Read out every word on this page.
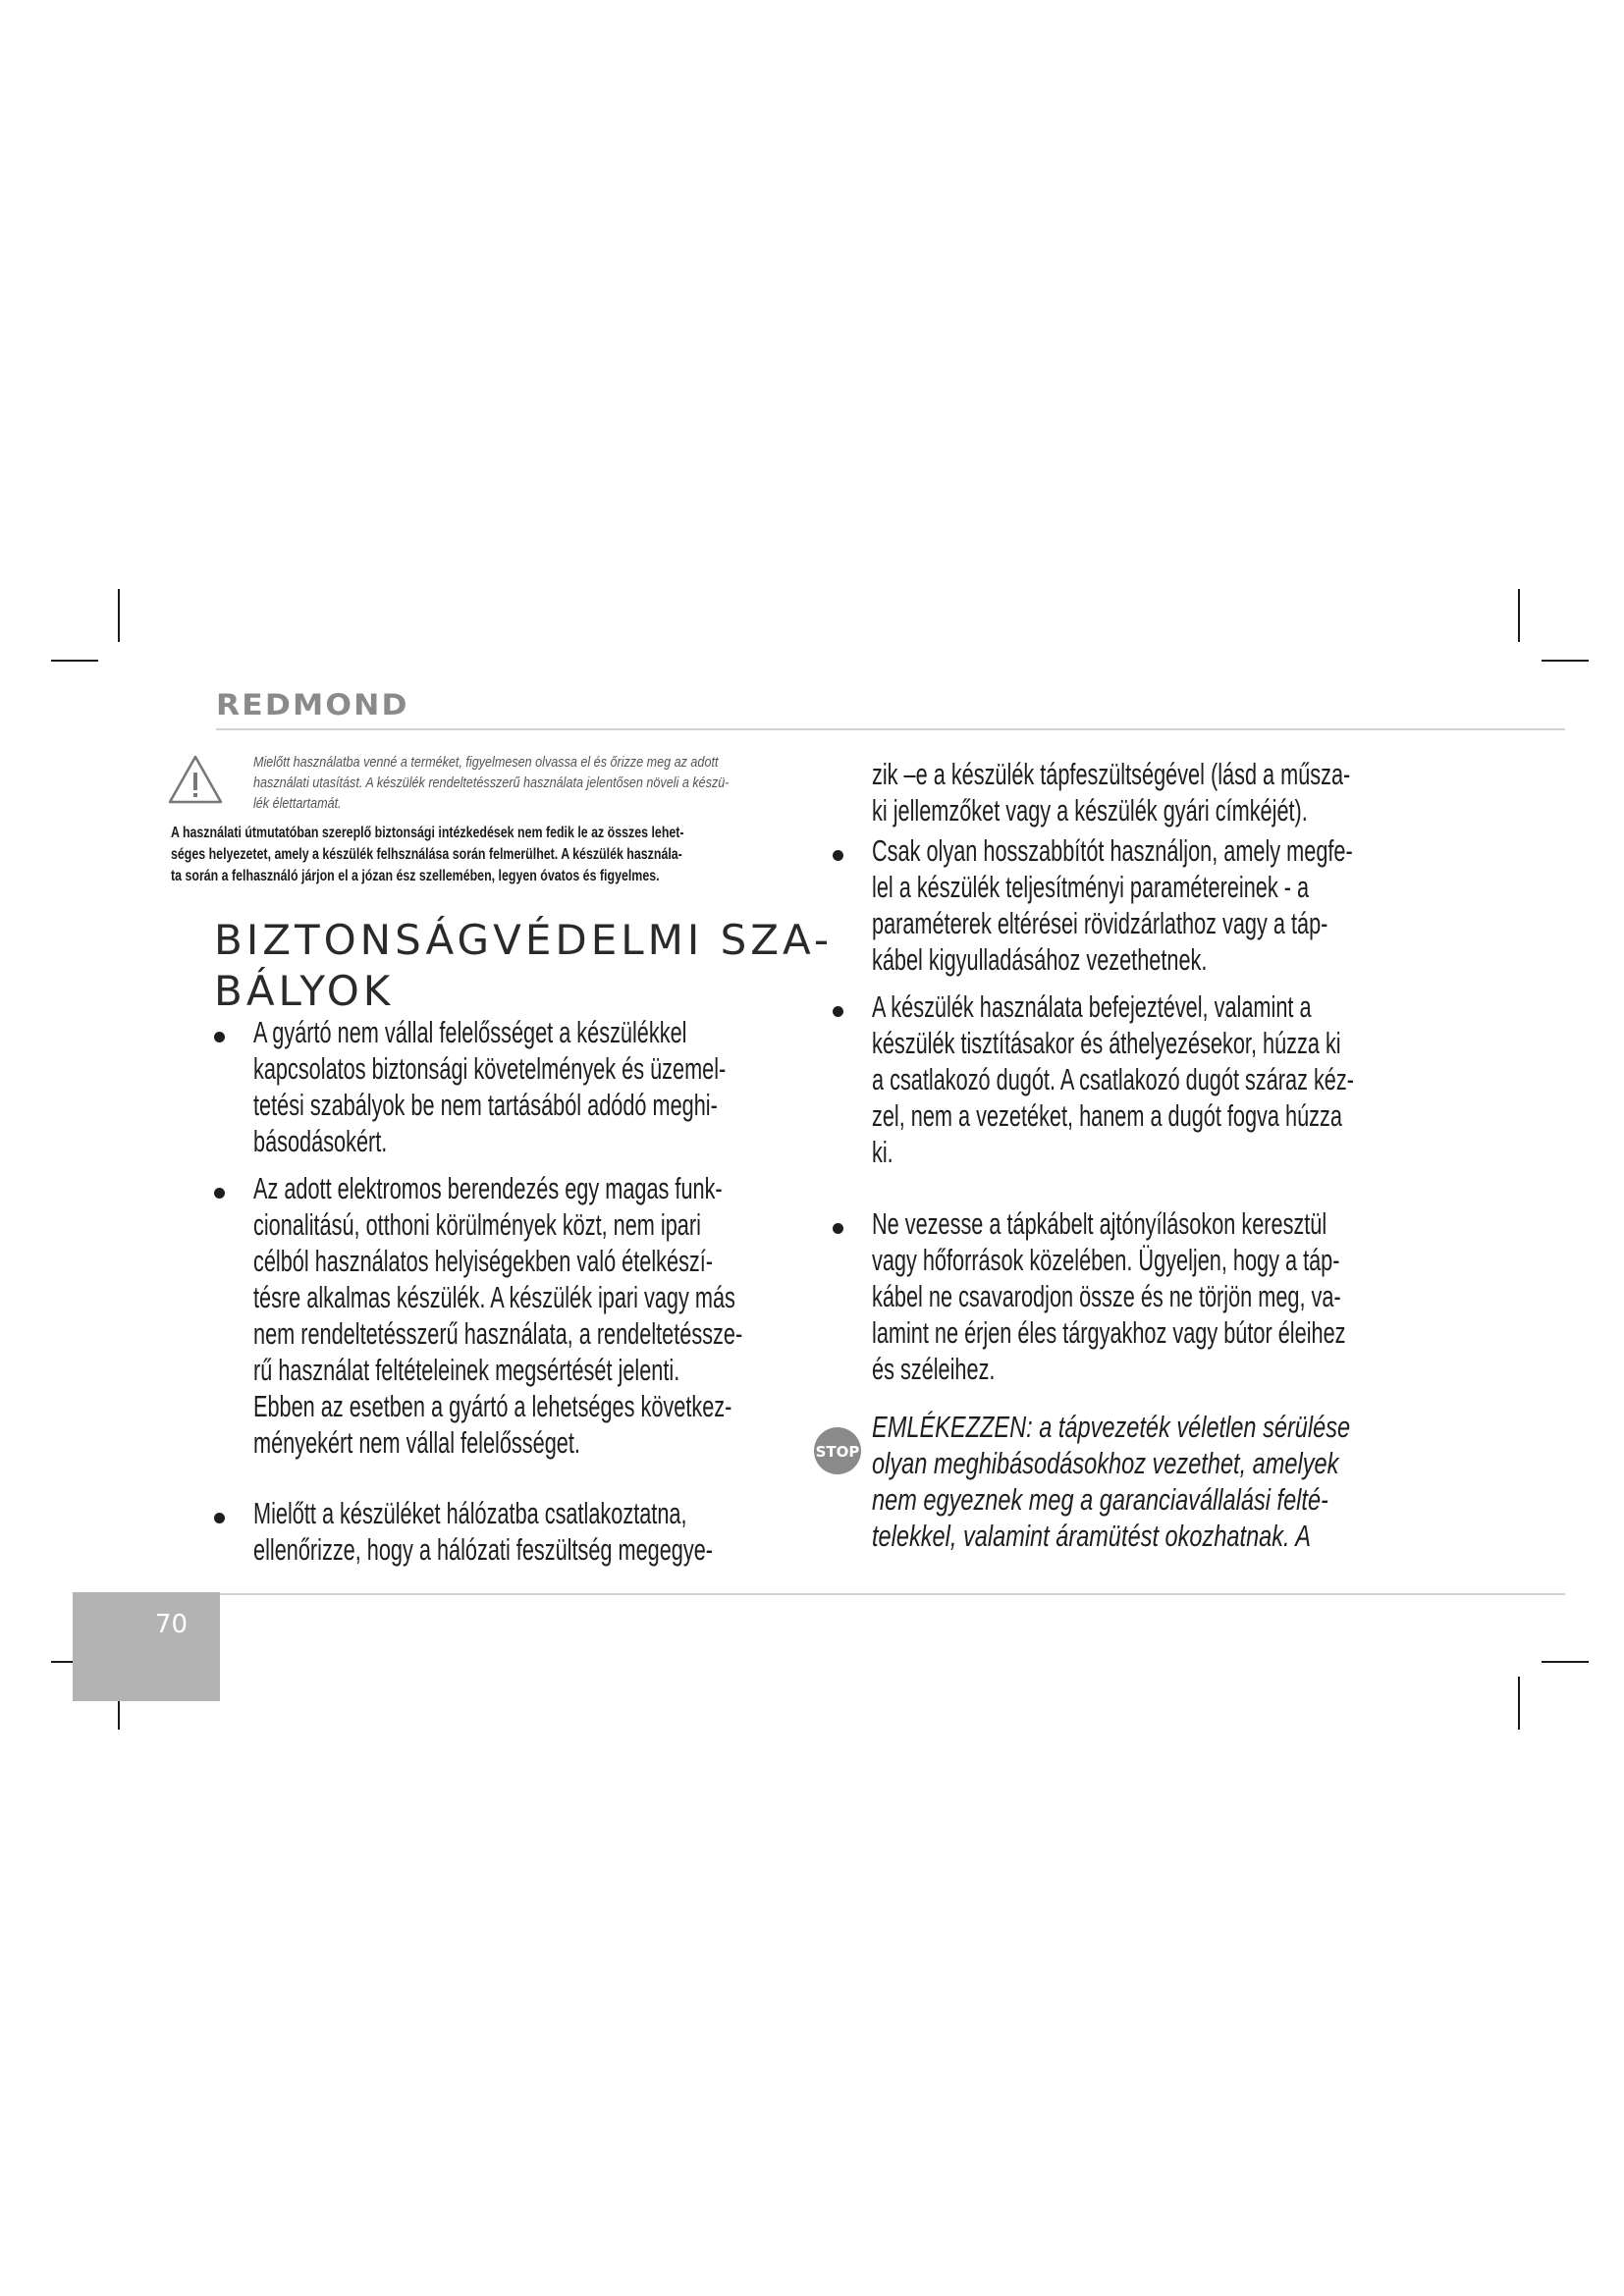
REDMOND
Mielőtt használatba venné a terméket, figyelmesen olvassa el és őrizze meg az adott
használati utasítást. A készülék rendeltetésszerű használata jelentősen növeli a készü-
lék élettartamát.
A használati útmutatóban szereplő biztonsági intézkedések nem fedik le az összes lehet-
séges helyezetet, amely a készülék felhsználása során felmerülhet. A készülék használa-
ta során a felhasználó járjon el a józan ész szellemében, legyen óvatos és figyelmes.
BIZTONSÁGVÉDELMI SZA-
BÁLYOK
A gyártó nem vállal felelősséget a készülékkel
kapcsolatos biztonsági követelmények és üzemel-
tetési szabályok be nem tartásából adódó meghi-
básodásokért.
Az adott elektromos berendezés egy magas funk-
cionalitású, otthoni körülmények közt, nem ipari
célból használatos helyiségekben való ételkészí-
tésre alkalmas készülék. A készülék ipari vagy más
nem rendeltetésszerű használata, a rendeltetéssze-
rű használat feltételeinek megsértését jelenti.
Ebben az esetben a gyártó a lehetséges következ-
ményekért nem vállal felelősséget.
Mielőtt a készüléket hálózatba csatlakoztatna,
ellenőrizze, hogy a hálózati feszültség megegye-
zik –e a készülék tápfeszültségével (lásd a műsza-
ki jellemzőket vagy a készülék gyári címkéjét).
Csak olyan hosszabbítót használjon, amely megfe-
lel a készülék teljesítményi paramétereinek - a
paraméterek eltérései rövidzárlathoz vagy a táp-
kábel kigyulladásához vezethetnek.
A készülék használata befejeztével, valamint a
készülék tisztításakor és áthelyezésekor, húzza ki
a csatlakozó dugót. A csatlakozó dugót száraz kéz-
zel, nem a vezetéket, hanem a dugót fogva húzza
ki.
Ne vezesse a tápkábelt ajtónyílásokon keresztül
vagy hőforrások közelében. Ügyeljen, hogy a táp-
kábel ne csavarodjon össze és ne törjön meg, va-
lamint ne érjen éles tárgyakhoz vagy bútor éleihez
és széleihez.
STOP
EMLÉKEZZEN: a tápvezeték véletlen sérülése
olyan meghibásodásokhoz vezethet, amelyek
nem egyeznek meg a garanciavállalási felté-
telekkel, valamint áramütést okozhatnak. A
70
